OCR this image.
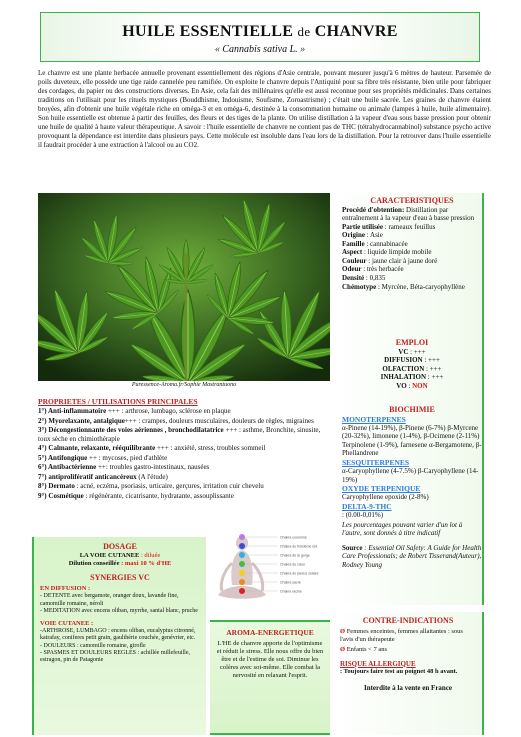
HUILE ESSENTIELLE de CHANVRE
« Cannabis sativa L. »
Le chanvre est une plante herbacée annuelle provenant essentiellement des régions d'Asie centrale, pouvant mesurer jusqu'à 6 mètres de hauteur. Parsemée de poils duveteux, elle possède une tige raide cannelée peu ramifiée. On exploite le chanvre depuis l'Antiquité pour sa fibre très résistante, bien utile pour fabriquer des cordages, du papier ou des constructions diverses. En Asie, cela fait des millénaires qu'elle est aussi reconnue pour ses propriétés médicinales. Dans certaines traditions on l'utilisait pour les rituels mystiques (Bouddhisme, Indouisme, Soufisme, Zoroastrisme) ; c'était une huile sacrée. Les graines de chanvre étaient broyées, afin d'obtenir une huile végétale riche en oméga-3 et en oméga-6, destinée à la consommation humaine ou animale (lampes à huile, huile alimentaire). Son huile essentielle est obtenue à partir des feuilles, des fleurs et des tiges de la plante. On utilise distillation à la vapeur d'eau sous basse pression pour obtenir une huile de qualité à haute valeur thérapeutique. A savoir : l'huile essentielle de chanvre ne contient pas de THC (tétrahydrocannabinol) substance psycho active provoquant la dépendance est interdite dans plusieurs pays. Cette molécule est insoluble dans l'eau lors de la distillation. Pour la retrouver dans l'huile essentielle il faudrait procéder à une extraction à l'alcool ou au CO2.
Puressence-Aroma.fr/Sophie Mastrantuono
CARACTERISTIQUES

Procédé d'obtention: Distillation par entraînement à la vapeur d'eau à basse pression

Partie utilisée : rameaux feuillus

Origine : Asie

Famille : cannabinacée

Aspect : liquide limpide mobile

Couleur : jaune clair à jaune doré

Odeur : très herbacée

Densité : 0,835

Chémotype : Myrcène, Béta-caryophyllène

EMPLOI
VC : +++
DIFFUSION : +++
OLFACTION : +++
INHALATION : +++
VO : NON
BIOCHIMIE
MONOTERPENES
α-Pinene (14-19%), β-Pinene (6-7%) β-Myrcene (20-32%), limonene (1-4%), β-Ocimene (2-11%) Terpinolene (1-9%), farnesene α-Bergamotene, β-Phellandrene
SESQUITERPENES
α-Caryophyllene (4-7.5%) β-Caryophyllene (14-19%)
OXYDE TERPENIQUE
Caryophyllene epoxide (2-8%)
DELTA-9-THC
: (0.00-0,01%)
Les pourcentages pouvant varier d'un lot à l'autre, sont donnés à titre indicatif
Source : Essential Oil Safety: A Guide for Health Care Professionals; de Robert Tisserand(Auteur), Rodney Young
PROPRIETES / UTILISATIONS PRINCIPALES
1°) Anti-inflammatoire +++ : arthrose, lumbago, sclérose en plaque
2°) Myorelaxante, antalgique+++ : crampes, douleurs musculaires, douleurs de règles, migraines
3°) Décongestionnante des voies aériennes , bronchodilatatrice +++ : asthme, Bronchite, sinusite, toux sèche en chimiothérapie
4°) Calmante, relaxante, rééquilibrante +++ : anxiété, stress, troubles sommeil
5°) Antifongique ++ : mycoses, pied d'athlète
6°) Antibactérienne ++: troubles gastro-intestinaux, nausées
7°) antiprolifératif anticancéreux (A l'étude)
8°) Dermato : acné, eczéma, psoriasis, urticaire, gerçures, irritation cuir chevelu
9°) Cosmétique : régénérante, cicatrisante, hydratante, assouplissante
DOSAGE
LA VOIE CUTANEE : diluée
Dilution conseillée : maxi 10 % d'HE
SYNERGIES VC
EN DIFFUSION :
- DETENTE avec bergamote, oranger doux, lavande fine, camomille romaine, néroli
- MEDITATION avec encens oliban, myrrhe, santal blanc, pruche
VOIE CUTANEE :
-ARTHROSE, LUMBAGO : encens oliban, eucalyptus citronné, katrafay, coniferes petit grain, gaulthérie couchée, genévrier, etc.
- DOULEURS : camomille romaine, girofle
- SPASMES ET DOULEURS REGLES : achillée millefeuille, estragon, pin de Patagonie
Chakra couronne
Chakra du troisième œil
Chakra de la gorge
Chakra du cœur
Chakra du plexus solaire
Chakra sacré
Chakra racine
AROMA-ENERGETIQUE
L'HE de chanvre apporte de l'optimisme et réduit le stress. Elle nous offre du bien être et de l'estime de soi. Diminue les colères avec soi-même. Elle combat la nervosité en relaxant l'esprit.
CONTRE-INDICATIONS
Ø Femmes enceintes, femmes allaitantes : sous l'avis d'un thérapeute
Ø Enfants < 7 ans
RISQUE ALLERGIQUE
: Toujours faire test au poignet 48 h avant.
Interdite à la vente en France
